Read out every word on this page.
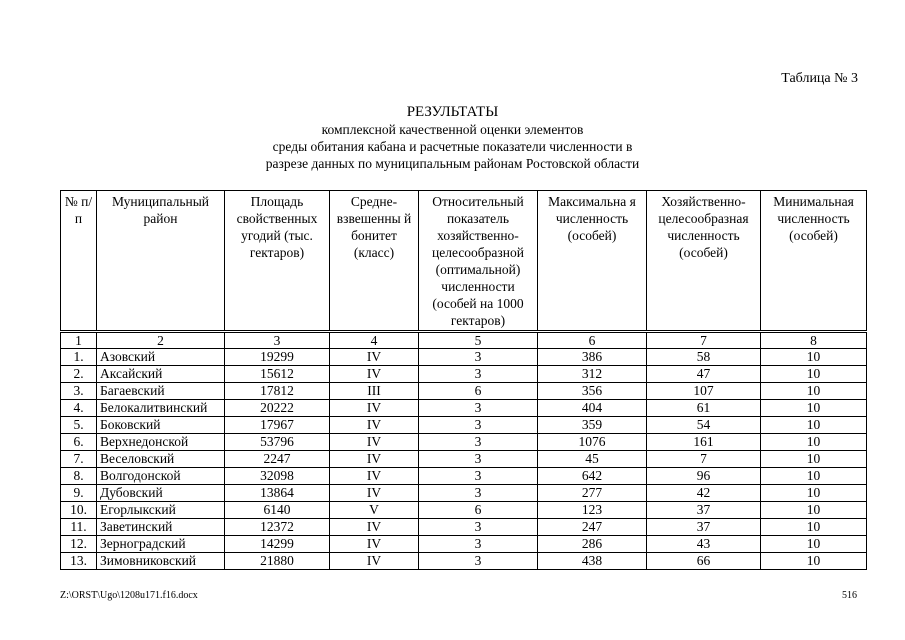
Таблица № 3
РЕЗУЛЬТАТЫ
комплексной качественной оценки элементов
среды обитания кабана и расчетные показатели численности в
разрезе данных по муниципальным районам Ростовской области
№ п/п	Муниципальный район	Площадь свойственных угодий (тыс. гектаров)	Средне-взвешенны й бонитет (класс)	Относительный показатель хозяйственно-целесообразной (оптимальной) численности (особей на 1000 гектаров)	Максимальна я численность (особей)	Хозяйственно-целесообразная численность (особей)	Минимальная численность (особей)
1	2	3	4	5	6	7	8
1.	Азовский	19299	IV	3	386	58	10
2.	Аксайский	15612	IV	3	312	47	10
3.	Багаевский	17812	III	6	356	107	10
4.	Белокалитвинский	20222	IV	3	404	61	10
5.	Боковский	17967	IV	3	359	54	10
6.	Верхнедонской	53796	IV	3	1076	161	10
7.	Веселовский	2247	IV	3	45	7	10
8.	Волгодонской	32098	IV	3	642	96	10
9.	Дубовский	13864	IV	3	277	42	10
10.	Егорлыкский	6140	V	6	123	37	10
11.	Заветинский	12372	IV	3	247	37	10
12.	Зерноградский	14299	IV	3	286	43	10
13.	Зимовниковский	21880	IV	3	438	66	10
Z:\ORST\Ugo\1208u171.f16.docx	516
